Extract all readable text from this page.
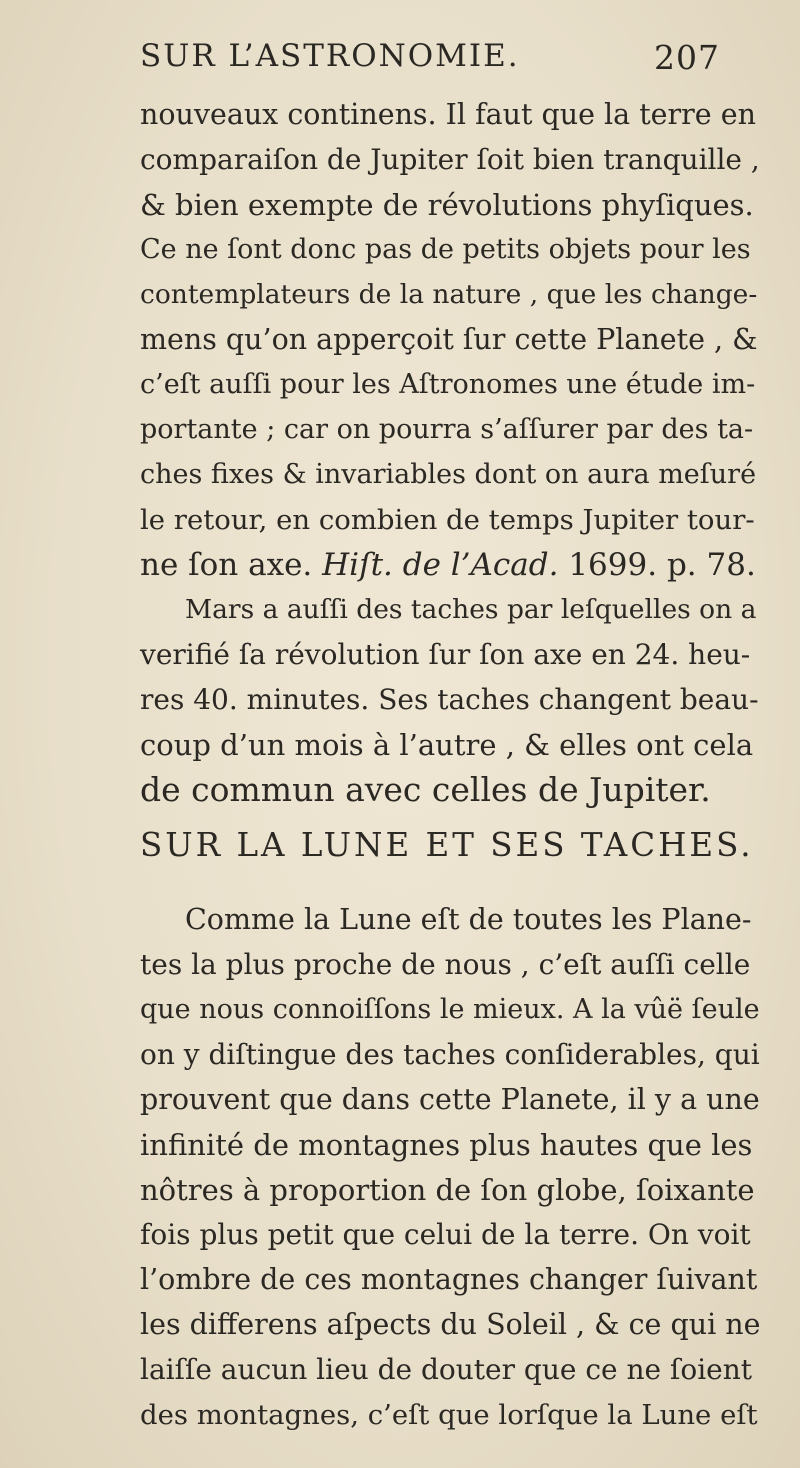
SUR L’ASTRONOMIE.	207
nouveaux continens. Il faut que la terre en
comparaiſon de Jupiter ſoit bien tranquille ,
& bien exempte de révolutions phyſiques.
Ce ne ſont donc pas de petits objets pour les
contemplateurs de la nature , que les change-
mens qu’on apperçoit ſur cette Planete , &
c’eſt auſſi pour les Aſtronomes une étude im-
portante ; car on pourra s’aſſurer par des ta-
ches fixes & invariables dont on aura meſuré
le retour, en combien de temps Jupiter tour-
ne ſon axe. Hiſt. de l’Acad. 1699. p. 78.
Mars a auſſi des taches par leſquelles on a
verifié ſa révolution ſur ſon axe en 24. heu-
res 40. minutes. Ses taches changent beau-
coup d’un mois à l’autre , & elles ont cela
de commun avec celles de Jupiter.
SUR LA LUNE ET SES TACHES.
Comme la Lune eſt de toutes les Plane-
tes la plus proche de nous , c’eſt auſſi celle
que nous connoiſſons le mieux. A la vûë ſeule
on y diſtingue des taches conſiderables, qui
prouvent que dans cette Planete, il y a une
infinité de montagnes plus hautes que les
nôtres à proportion de ſon globe, ſoixante
fois plus petit que celui de la terre. On voit
l’ombre de ces montagnes changer ſuivant
les differens aſpects du Soleil , & ce qui ne
laiſſe aucun lieu de douter que ce ne ſoient
des montagnes, c’eſt que lorſque la Lune eſt
